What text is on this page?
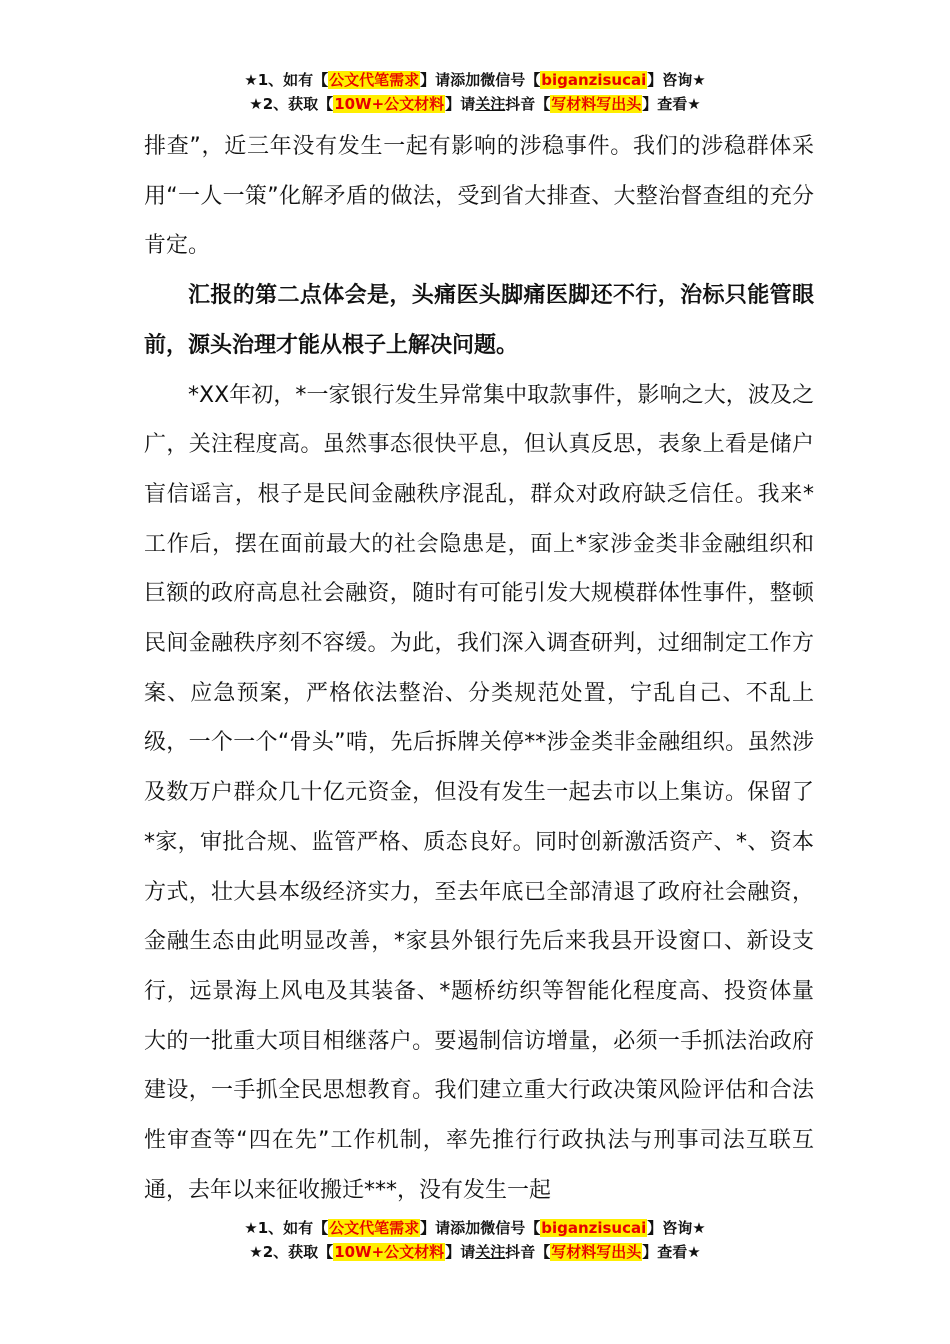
★1、如有【公文代笔需求】请添加微信号【biganzisucai】咨询★
★2、获取【10W+公文材料】请关注抖音【写材料写出头】查看★

排查”，近三年没有发生一起有影响的涉稳事件。我们的涉稳群体采用“一人一策”化解矛盾的做法，受到省大排查、大整治督查组的充分肯定。

汇报的第二点体会是，头痛医头脚痛医脚还不行，治标只能管眼前，源头治理才能从根子上解决问题。

*XX年初，*一家银行发生异常集中取款事件，影响之大，波及之广，关注程度高。虽然事态很快平息，但认真反思，表象上看是储户盲信谣言，根子是民间金融秩序混乱，群众对政府缺乏信任。我来*工作后，摆在面前最大的社会隐患是，面上*家涉金类非金融组织和巨额的政府高息社会融资，随时有可能引发大规模群体性事件，整顿民间金融秩序刻不容缓。为此，我们深入调查研判，过细制定工作方案、应急预案，严格依法整治、分类规范处置，宁乱自己、不乱上级，一个一个“骨头”啃，先后拆牌关停**涉金类非金融组织。虽然涉及数万户群众几十亿元资金，但没有发生一起去市以上集访。保留了*家，审批合规、监管严格、质态良好。同时创新激活资产、*、资本方式，壮大县本级经济实力，至去年底已全部清退了政府社会融资，金融生态由此明显改善，*家县外银行先后来我县开设窗口、新设支行，远景海上风电及其装备、*题桥纺织等智能化程度高、投资体量大的一批重大项目相继落户。要遏制信访增量，必须一手抓法治政府建设，一手抓全民思想教育。我们建立重大行政决策风险评估和合法性审查等“四在先”工作机制，率先推行行政执法与刑事司法互联互通，去年以来征收搬迁***，没有发生一起

★1、如有【公文代笔需求】请添加微信号【biganzisucai】咨询★
★2、获取【10W+公文材料】请关注抖音【写材料写出头】查看★
